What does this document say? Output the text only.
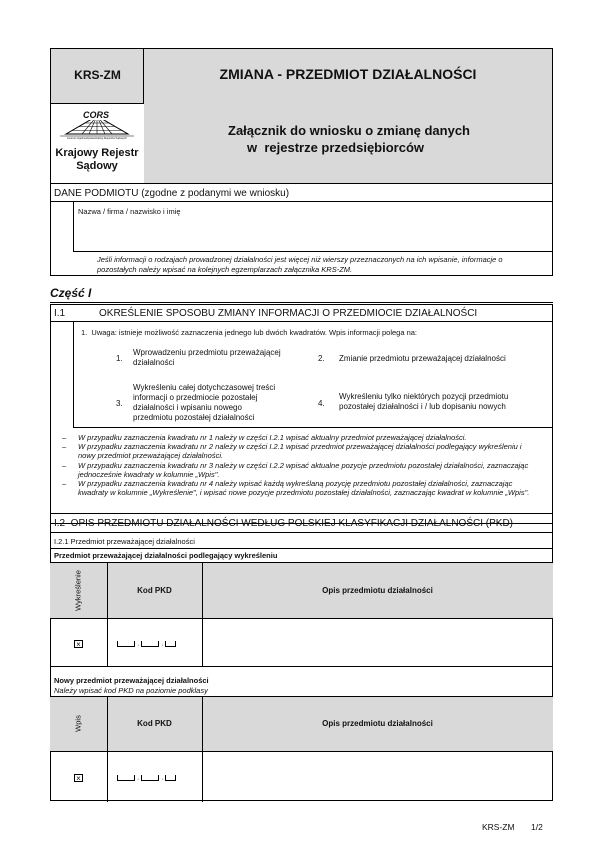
KRS-ZM	ZMIANA - PRZEDMIOT DZIAŁALNOŚCI
Załącznik do wniosku o zmianę danych
w  rejestrze przedsiębiorców
CORS
Centrum Ogólnoodpowiedzialnej Rejestrów Sądowych
Krajowy Rejestr
Sądowy
DANE PODMIOTU (zgodne z podanymi we wniosku)
Nazwa / firma / nazwisko i imię
Jeśli informacji o rodzajach prowadzonej działalności jest więcej niż wierszy przeznaczonych na ich wpisanie, informacje o pozostałych należy wpisać na kolejnych egzemplarzach załącznika KRS-ZM.
Część I
I.1	OKREŚLENIE SPOSOBU ZMIANY INFORMACJI O PRZEDMIOCIE DZIAŁALNOŚCI
1.  Uwaga: istnieje możliwość zaznaczenia jednego lub dwóch kwadratów. Wpis informacji polega na:
1.
Wprowadzeniu przedmiotu przeważającej działalności	2. Zmianie przedmiotu przeważającej działalności
3.
Wykreśleniu całej dotychczasowej treści informacji o przedmiocie pozostałej działalności i wpisaniu nowego przedmiotu pozostałej działalności
4.
Wykreśleniu tylko niektórych pozycji przedmiotu pozostałej działalności i / lub dopisaniu nowych
– W przypadku zaznaczenia kwadratu nr 1 należy w części I.2.1 wpisać aktualny przedmiot przeważającej działalności.
– W przypadku zaznaczenia kwadratu nr 2 należy w części I.2.1 wpisać przedmiot przeważającej działalności podlegający wykreśleniu i nowy przedmiot przeważającej działalności.
– W przypadku zaznaczenia kwadratu nr 3 należy w części I.2.2 wpisać aktualne pozycje przedmiotu pozostałej działalności, zaznaczając jednocześnie kwadraty w kolumnie „Wpis".
– W przypadku zaznaczenia kwadratu nr 4 należy wpisać każdą wykreślaną pozycję przedmiotu pozostałej działalności, zaznaczając kwadraty w kolumnie „Wykreślenie", i wpisać nowe pozycje przedmiotu pozostałej działalności, zaznaczając kwadrat w kolumnie „Wpis".
I.2  OPIS PRZEDMIOTU DZIAŁALNOŚCI WEDŁUG POLSKIEJ KLASYFIKACJI DZIAŁALNOŚCI (PKD)
I.2.1 Przedmiot przeważającej działalności
Przedmiot przeważającej działalności podlegający wykreśleniu
Wykreślenie	Kod PKD	Opis przedmiotu działalności
×	·	·
Nowy przedmiot przeważającej działalności
Należy wpisać kod PKD na poziomie podklasy
Wpis	Kod PKD	Opis przedmiotu działalności
×	·	·
KRS-ZM 1/2
